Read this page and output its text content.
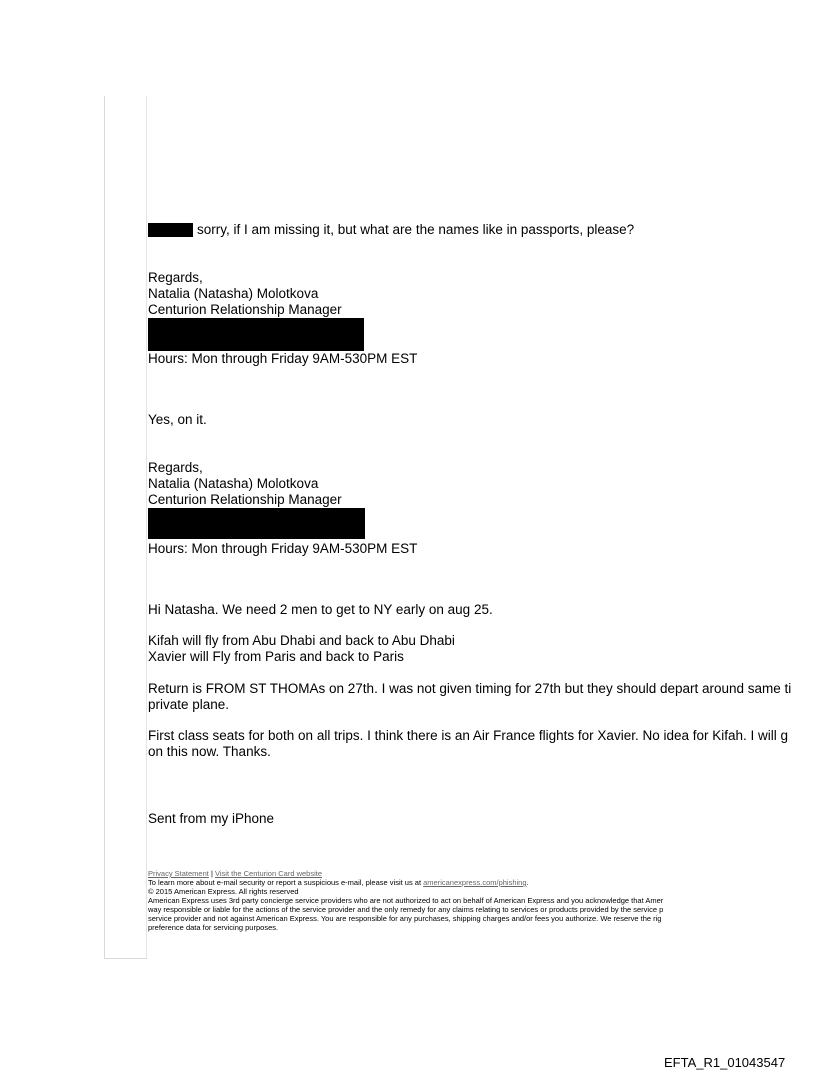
sorry, if I am missing it, but what are the names like in passports, please?
Regards,
Natalia (Natasha) Molotkova
Centurion Relationship Manager
Hours: Mon through Friday 9AM-530PM EST
Yes, on it.
Regards,
Natalia (Natasha) Molotkova
Centurion Relationship Manager
Hours: Mon through Friday 9AM-530PM EST
Hi Natasha. We need 2 men to get to NY early on aug 25.
Kifah will fly from Abu Dhabi and back to Abu Dhabi
Xavier will Fly from Paris and back to Paris
Return is FROM ST THOMAs on 27th. I was not given timing for 27th but they should depart around same ti
private plane.
First class seats for both on all trips. I think there is an Air France flights for Xavier. No idea for Kifah. I will g
on this now. Thanks.
Sent from my iPhone
Privacy Statement | Visit the Centurion Card website
To learn more about e-mail security or report a suspicious e-mail, please visit us at americanexpress.com/phishing.
© 2015 American Express. All rights reserved
American Express uses 3rd party concierge service providers who are not authorized to act on behalf of American Express and you acknowledge that Amer
way responsible or liable for the actions of the service provider and the only remedy for any claims relating to services or products provided by the service p
service provider and not against American Express. You are responsible for any purchases, shipping charges and/or fees you authorize. We reserve the rig
preference data for servicing purposes.
EFTA_R1_01043547
